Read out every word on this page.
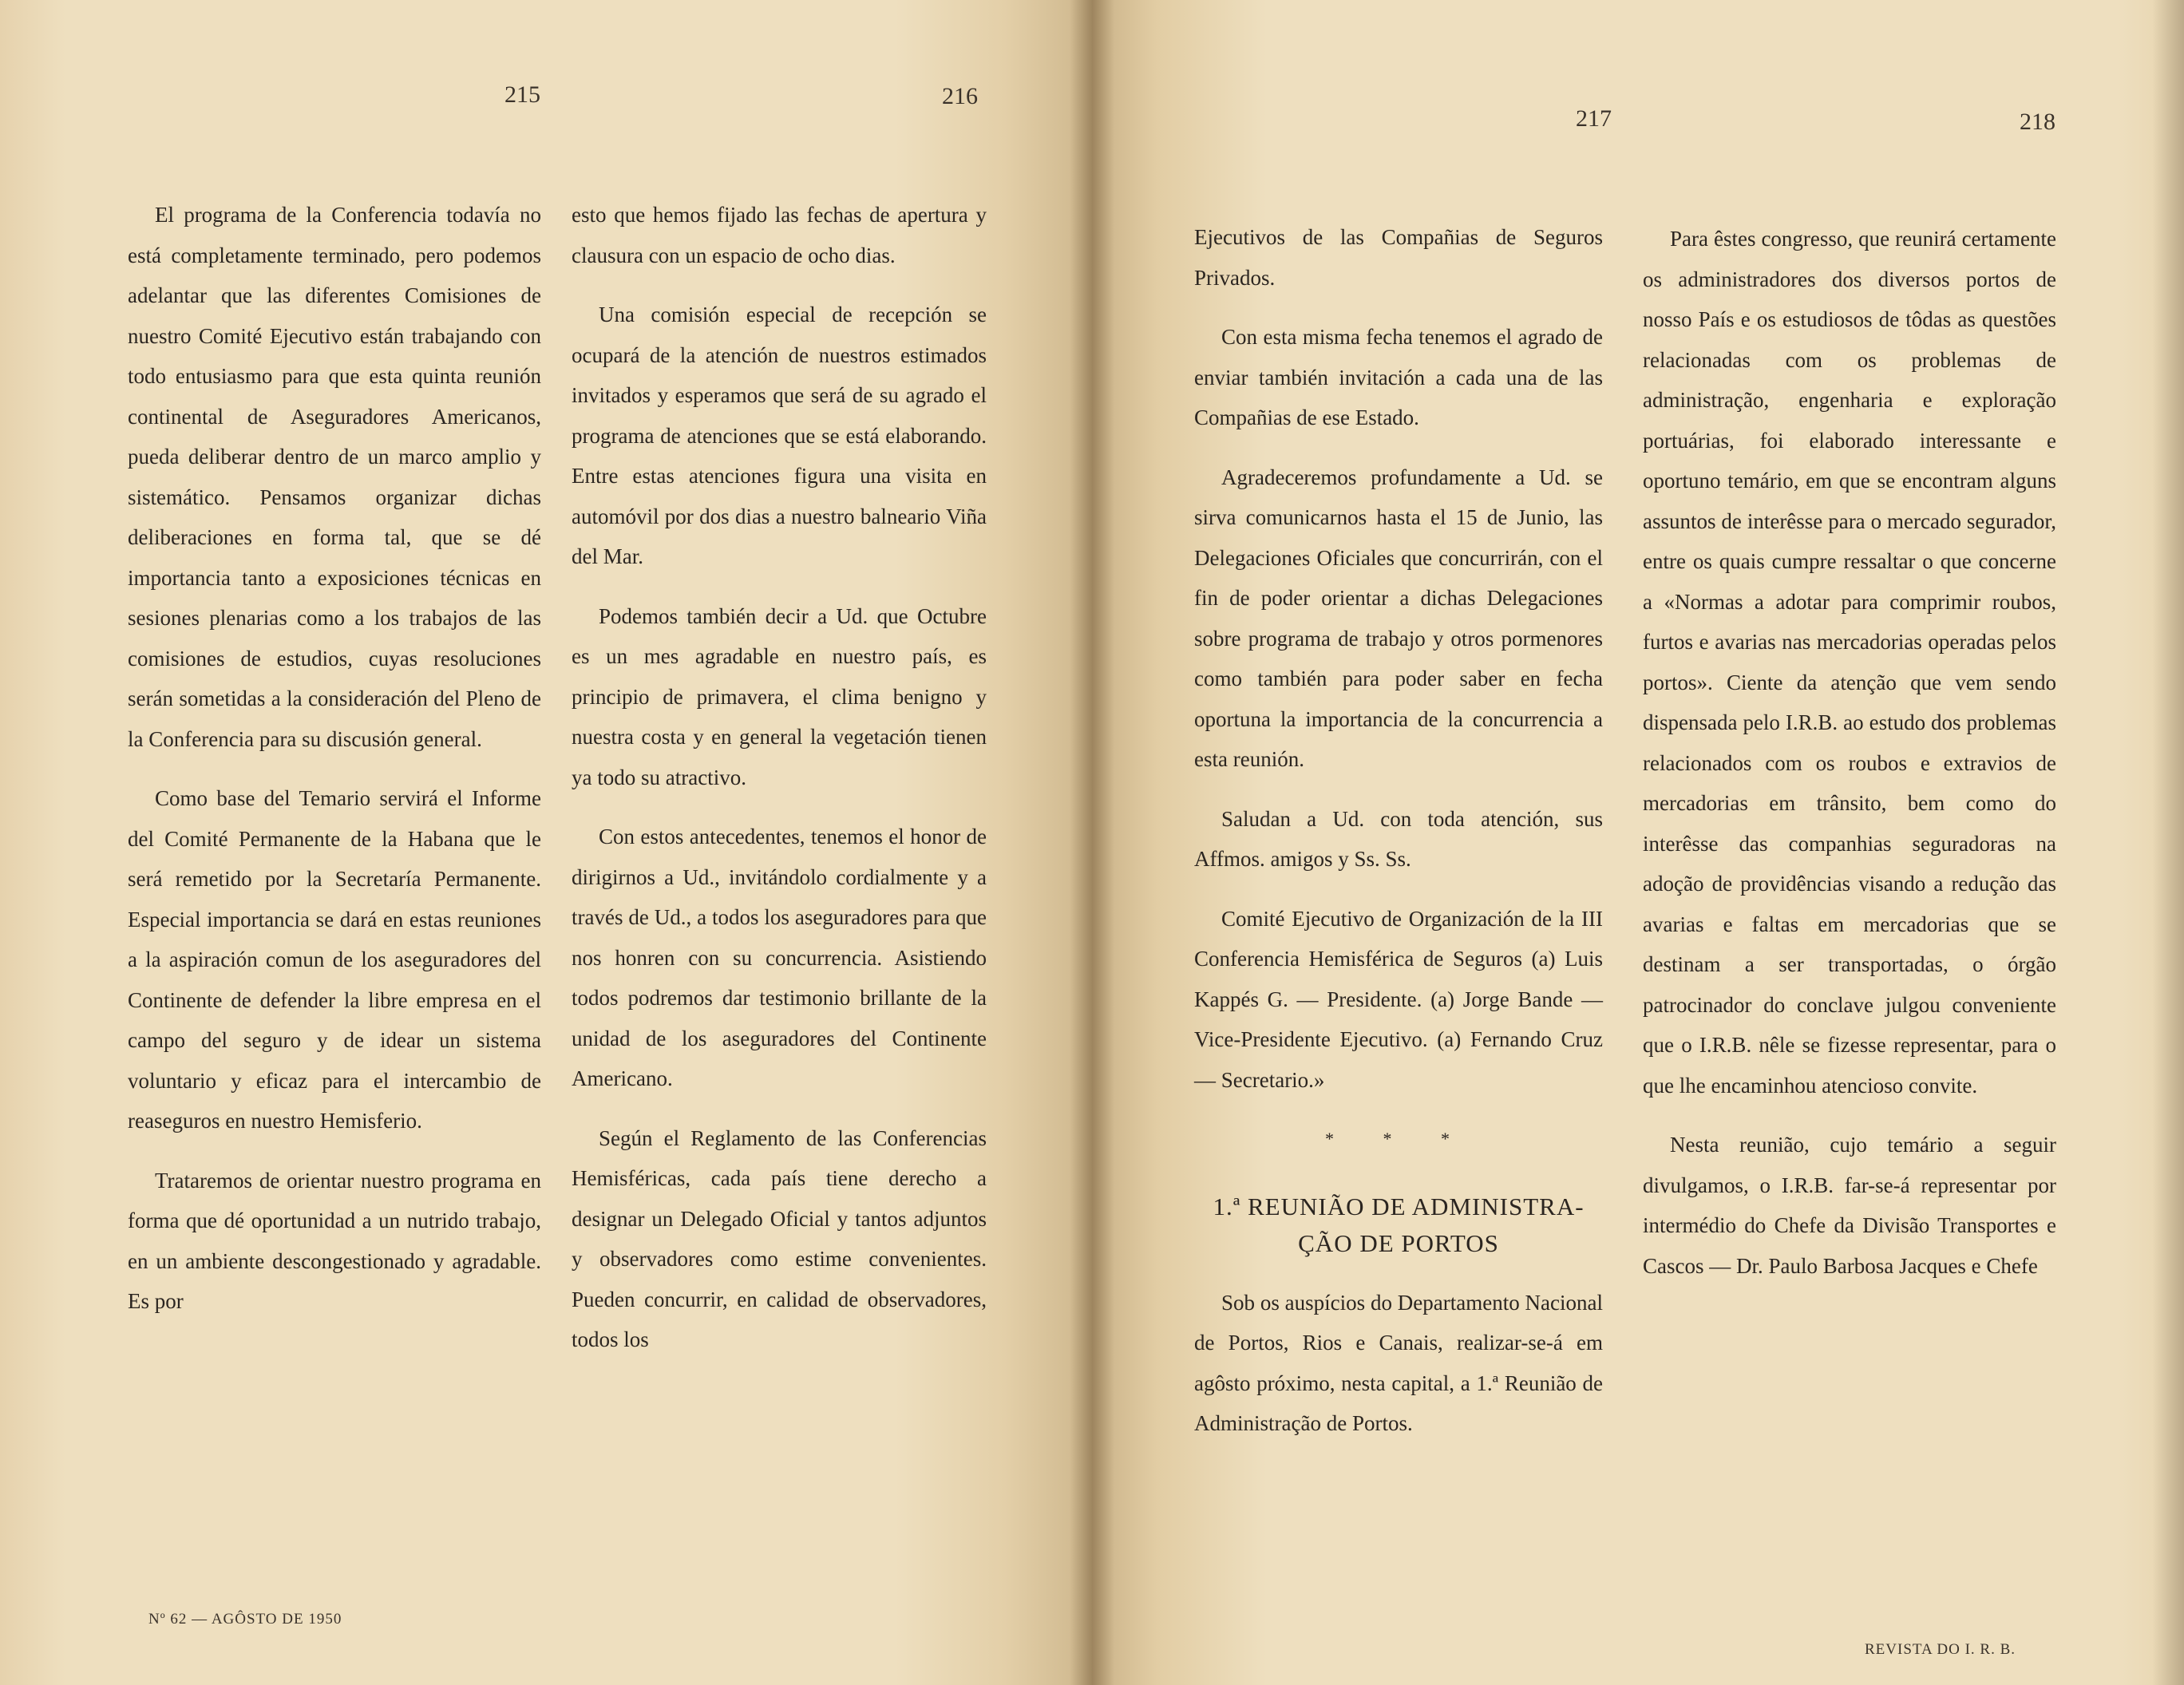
215	216

El programa de la Conferencia todavía no está completamente terminado, pero podemos adelantar que las diferentes Comisiones de nuestro Comité Ejecutivo están trabajando con todo entusiasmo para que esta quinta reunión continental de Aseguradores Americanos, pueda deliberar dentro de un marco amplio y sistemático. Pensamos organizar dichas deliberaciones en forma tal, que se dé importancia tanto a exposiciones técnicas en sesiones plenarias como a los trabajos de las comisiones de estudios, cuyas resoluciones serán sometidas a la consideración del Pleno de la Conferencia para su discusión general.

Como base del Temario servirá el Informe del Comité Permanente de la Habana que le será remetido por la Secretaría Permanente. Especial importancia se dará en estas reuniones a la aspiración comun de los aseguradores del Continente de defender la libre empresa en el campo del seguro y de idear un sistema voluntario y eficaz para el intercambio de reaseguros en nuestro Hemisferio.

Trataremos de orientar nuestro programa en forma que dé oportunidad a un nutrido trabajo, en un ambiente descongestionado y agradable. Es por

esto que hemos fijado las fechas de apertura y clausura con un espacio de ocho dias.

Una comisión especial de recepción se ocupará de la atención de nuestros estimados invitados y esperamos que será de su agrado el programa de atenciones que se está elaborando. Entre estas atenciones figura una visita en automóvil por dos dias a nuestro balneario Viña del Mar.

Podemos también decir a Ud. que Octubre es un mes agradable en nuestro país, es principio de primavera, el clima benigno y nuestra costa y en general la vegetación tienen ya todo su atractivo.

Con estos antecedentes, tenemos el honor de dirigirnos a Ud., invitándolo cordialmente y a través de Ud., a todos los aseguradores para que nos honren con su concurrencia. Asistiendo todos podremos dar testimonio brillante de la unidad de los aseguradores del Continente Americano.

Según el Reglamento de las Conferencias Hemisféricas, cada país tiene derecho a designar un Delegado Oficial y tantos adjuntos y observadores como estime convenientes. Pueden concurrir, en calidad de observadores, todos los

Nº 62 — AGÔSTO DE 1950
217	218

Ejecutivos de las Compañias de Seguros Privados.

Con esta misma fecha tenemos el agrado de enviar también invitación a cada una de las Compañias de ese Estado.

Agradeceremos profundamente a Ud. se sirva comunicarnos hasta el 15 de Junio, las Delegaciones Oficiales que concurrirán, con el fin de poder orientar a dichas Delegaciones sobre programa de trabajo y otros pormenores como también para poder saber en fecha oportuna la importancia de la concurrencia a esta reunión.

Saludan a Ud. con toda atención, sus Affmos. amigos y Ss. Ss.

Comité Ejecutivo de Organización de la III Conferencia Hemisférica de Seguros (a) Luis Kappés G. — Presidente. (a) Jorge Bande — Vice-Presidente Ejecutivo. (a) Fernando Cruz — Secretario.»

* * *
1.ª REUNIÃO DE ADMINISTRA-
ÇÃO DE PORTOS

Sob os auspícios do Departamento Nacional de Portos, Rios e Canais, realizar-se-á em agôsto próximo, nesta capital, a 1.ª Reunião de Administração de Portos.

Para êstes congresso, que reunirá certamente os administradores dos diversos portos de nosso País e os estudiosos de tôdas as questões relacionadas com os problemas de administração, engenharia e exploração portuárias, foi elaborado interessante e oportuno temário, em que se encontram alguns assuntos de interêsse para o mercado segurador, entre os quais cumpre ressaltar o que concerne a «Normas a adotar para comprimir roubos, furtos e avarias nas mercadorias operadas pelos portos». Ciente da atenção que vem sendo dispensada pelo I.R.B. ao estudo dos problemas relacionados com os roubos e extravios de mercadorias em trânsito, bem como do interêsse das companhias seguradoras na adoção de providências visando a redução das avarias e faltas em mercadorias que se destinam a ser transportadas, o órgão patrocinador do conclave julgou conveniente que o I.R.B. nêle se fizesse representar, para o que lhe encaminhou atencioso convite.

Nesta reunião, cujo temário a seguir divulgamos, o I.R.B. far-se-á representar por intermédio do Chefe da Divisão Transportes e Cascos — Dr. Paulo Barbosa Jacques e Chefe

REVISTA DO I. R. B.
